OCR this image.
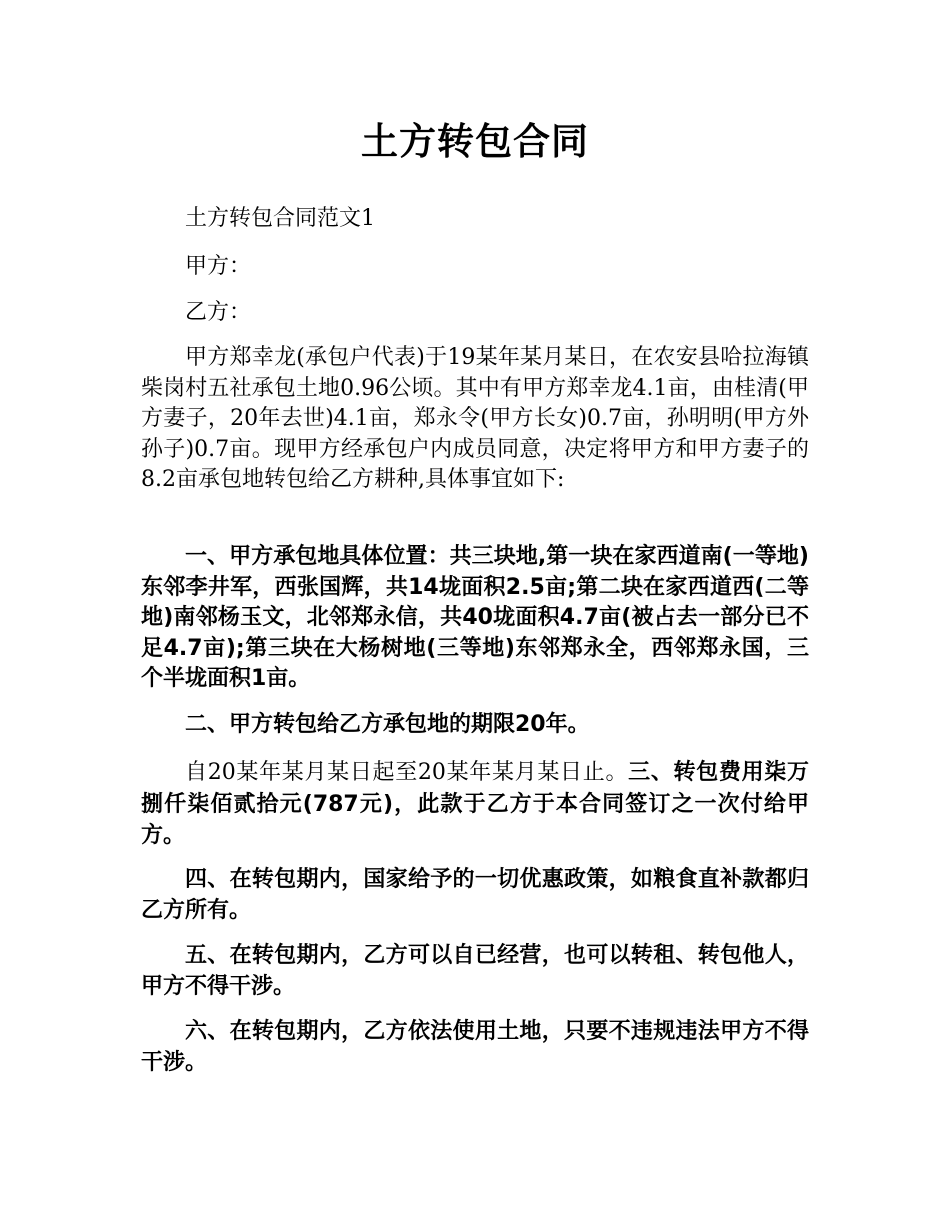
土方转包合同

土方转包合同范文1

甲方：

乙方：

甲方郑幸龙(承包户代表)于19某年某月某日，在农安县哈拉海镇柴岗村五社承包土地0.96公顷。其中有甲方郑幸龙4.1亩，由桂清(甲方妻子，20年去世)4.1亩，郑永令(甲方长女)0.7亩，孙明明(甲方外孙子)0.7亩。现甲方经承包户内成员同意，决定将甲方和甲方妻子的8.2亩承包地转包给乙方耕种,具体事宜如下:

一、甲方承包地具体位置：共三块地,第一块在家西道南(一等地)东邻李井军，西张国辉，共14垅面积2.5亩;第二块在家西道西(二等地)南邻杨玉文，北邻郑永信，共40垅面积4.7亩(被占去一部分已不足4.7亩);第三块在大杨树地(三等地)东邻郑永全，西邻郑永国，三个半垅面积1亩。

二、甲方转包给乙方承包地的期限20年。

自20某年某月某日起至20某年某月某日止。三、转包费用柒万捌仟柒佰贰拾元(787元)，此款于乙方于本合同签订之一次付给甲方。

四、在转包期内，国家给予的一切优惠政策，如粮食直补款都归乙方所有。

五、在转包期内，乙方可以自已经营，也可以转租、转包他人，甲方不得干涉。

六、在转包期内，乙方依法使用土地，只要不违规违法甲方不得干涉。
